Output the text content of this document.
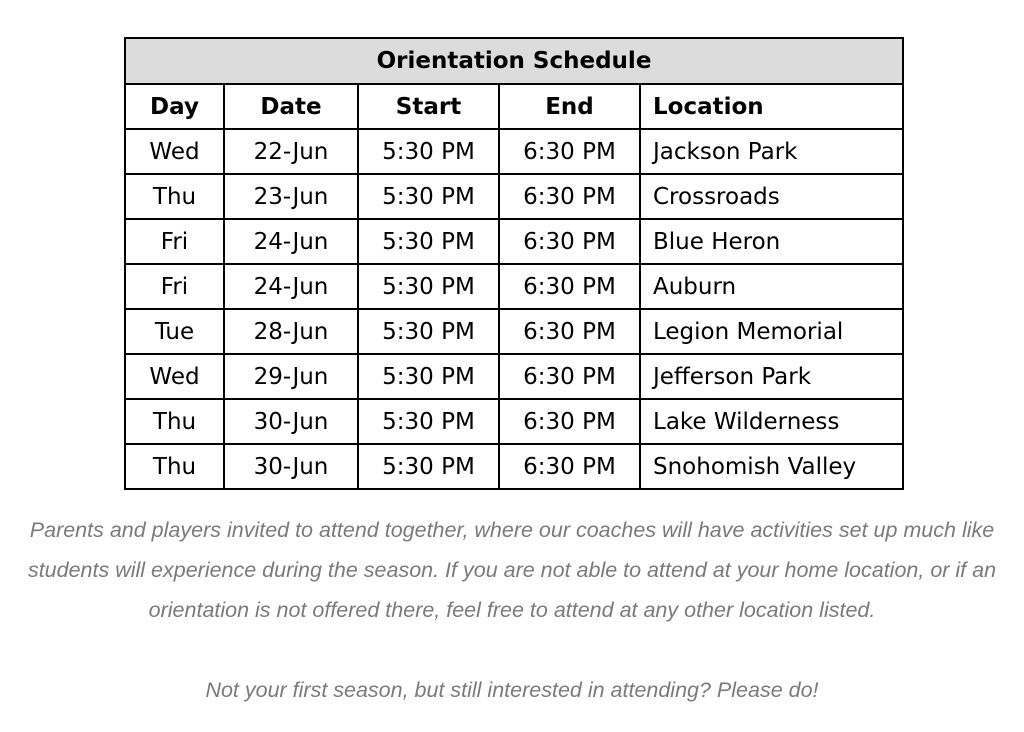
Orientation Schedule				
Day	Date	Start	End	Location
Wed	22-Jun	5:30 PM	6:30 PM	Jackson Park
Thu	23-Jun	5:30 PM	6:30 PM	Crossroads
Fri	24-Jun	5:30 PM	6:30 PM	Blue Heron
Fri	24-Jun	5:30 PM	6:30 PM	Auburn
Tue	28-Jun	5:30 PM	6:30 PM	Legion Memorial
Wed	29-Jun	5:30 PM	6:30 PM	Jefferson Park
Thu	30-Jun	5:30 PM	6:30 PM	Lake Wilderness
Thu	30-Jun	5:30 PM	6:30 PM	Snohomish Valley

Parents and players invited to attend together, where our coaches will have activities set up much like students will experience during the season. If you are not able to attend at your home location, or if an orientation is not offered there, feel free to attend at any other location listed.

Not your first season, but still interested in attending? Please do!
